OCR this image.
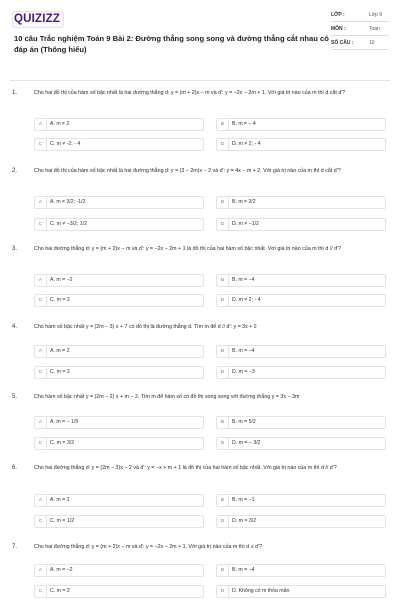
QUIZIZZ
10 câu Trắc nghiệm Toán 9 Bài 2: Đường thẳng song song và đường thẳng cắt nhau có đáp án (Thông hiểu)
LỚP :	Lớp 9
MÔN :	Toán
SỐ CÂU :	10
1.	Cho hai đồ thị của hàm số bậc nhất là hai đường thẳng d: y = (m + 2)x − m và d': y = −2x − 2m + 1. Với giá trị nào của m thì d cắt d'?
A	A. m ≠ 2	B	B. m ≠ − 4
C	C. m ≠ -2; - 4	D	D. m ≠ 2; - 4
2.	Cho hai đồ thị của hàm số bậc nhất là hai đường thẳng d: y = (3 − 2m)x − 2 và d': y = 4x − m + 2. Với giá trị nào của m thì d cắt d'?
A	A. m ≠ 3/2; -1/2	B	B. m ≠ 3/2
C	C. m ≠ −3/2; 1/2	D	D. m ≠ −1/2
3.	Cho hai đường thẳng d: y = (m + 2)x − m và d': y = −2x − 2m + 1 là đồ thị của hai hàm số bậc nhất. Với giá trị nào của m thì d // d'?
A	A. m = −2	B	B. m = −4
C	C. m = 2	D	D. m ≠ 2; - 4
4.	Cho hàm số bậc nhất y = (2m − 3) x + 7 có đồ thị là đường thẳng d. Tìm m để d // d': y = 3x + 2
A	A. m = 2	B	B. m = −4
C	C. m = 2	D	D. m = −3
5.	Cho hàm số bậc nhất y = (2m − 2) x + m − 2. Tìm m để hàm số có đồ thị song song với đường thẳng y = 3x − 3m
A	A. m = − 1/5	B	B. m = 5/2
C	C. m = 3/2	D	D. m = − 3/2
6.	Cho hai đường thẳng d: y = (2m − 3)x − 2 và d': y = −x + m + 1 là đồ thị của hai hàm số bậc nhất. Với giá trị nào của m thì d // d'?
A	A. m = 1	B	B. m = −1
C	C. m = 1/2	D	D. m = 3/2
7.	Cho hai đường thẳng d: y = (m + 2)x − m và d': y = −2x − 2m + 1. Với giá trị nào của m thì d ≡ d'?
A	A. m = −2	B	B. m = −4
C	C. m = 2	D	D. Không có m thỏa mãn
